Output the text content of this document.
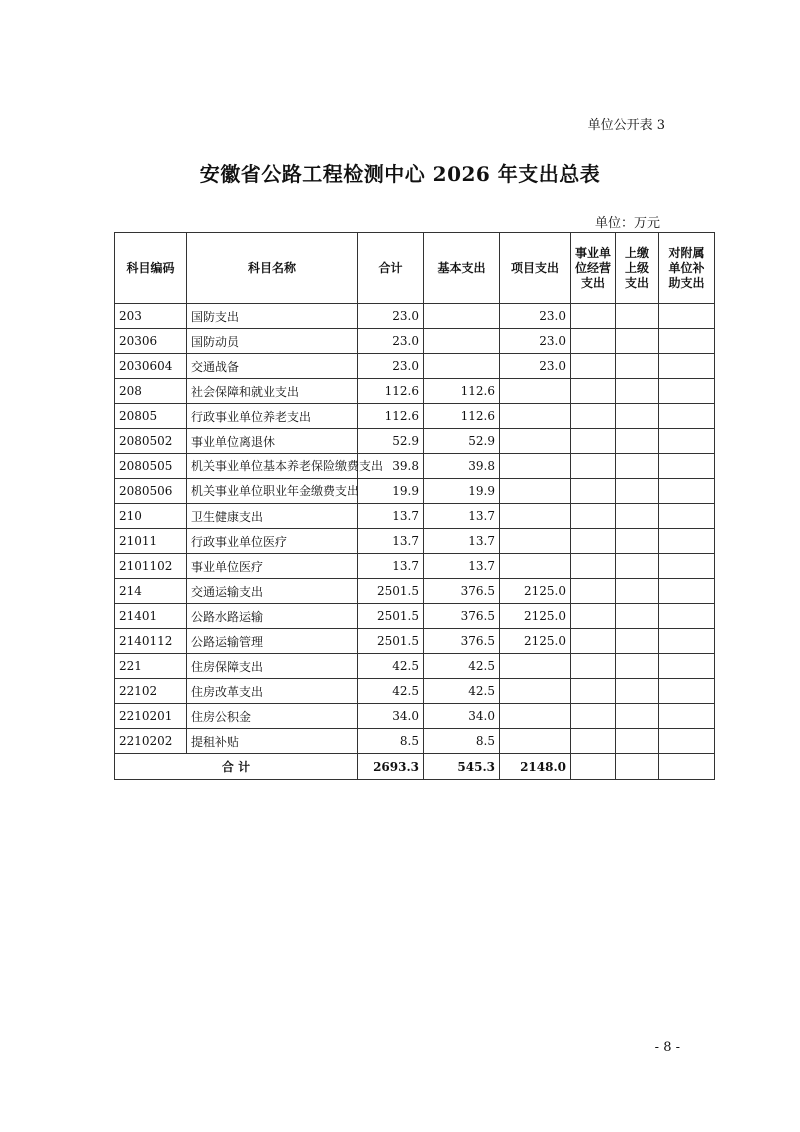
单位公开表 3
安徽省公路工程检测中心 2026 年支出总表
单位：万元
科目编码	科目名称	合计	基本支出	项目支出	事业单位经营支出	上缴上级支出	对附属单位补助支出
203	国防支出	23.0		23.0			
20306	国防动员	23.0		23.0			
2030604	交通战备	23.0		23.0			
208	社会保障和就业支出	112.6	112.6				
20805	行政事业单位养老支出	112.6	112.6				
2080502	事业单位离退休	52.9	52.9				
2080505	机关事业单位基本养老保险缴费支出	39.8	39.8				
2080506	机关事业单位职业年金缴费支出	19.9	19.9				
210	卫生健康支出	13.7	13.7				
21011	行政事业单位医疗	13.7	13.7				
2101102	事业单位医疗	13.7	13.7				
214	交通运输支出	2501.5	376.5	2125.0			
21401	公路水路运输	2501.5	376.5	2125.0			
2140112	公路运输管理	2501.5	376.5	2125.0			
221	住房保障支出	42.5	42.5				
22102	住房改革支出	42.5	42.5				
2210201	住房公积金	34.0	34.0				
2210202	提租补贴	8.5	8.5				
合 计		2693.3	545.3	2148.0			
- 8 -
